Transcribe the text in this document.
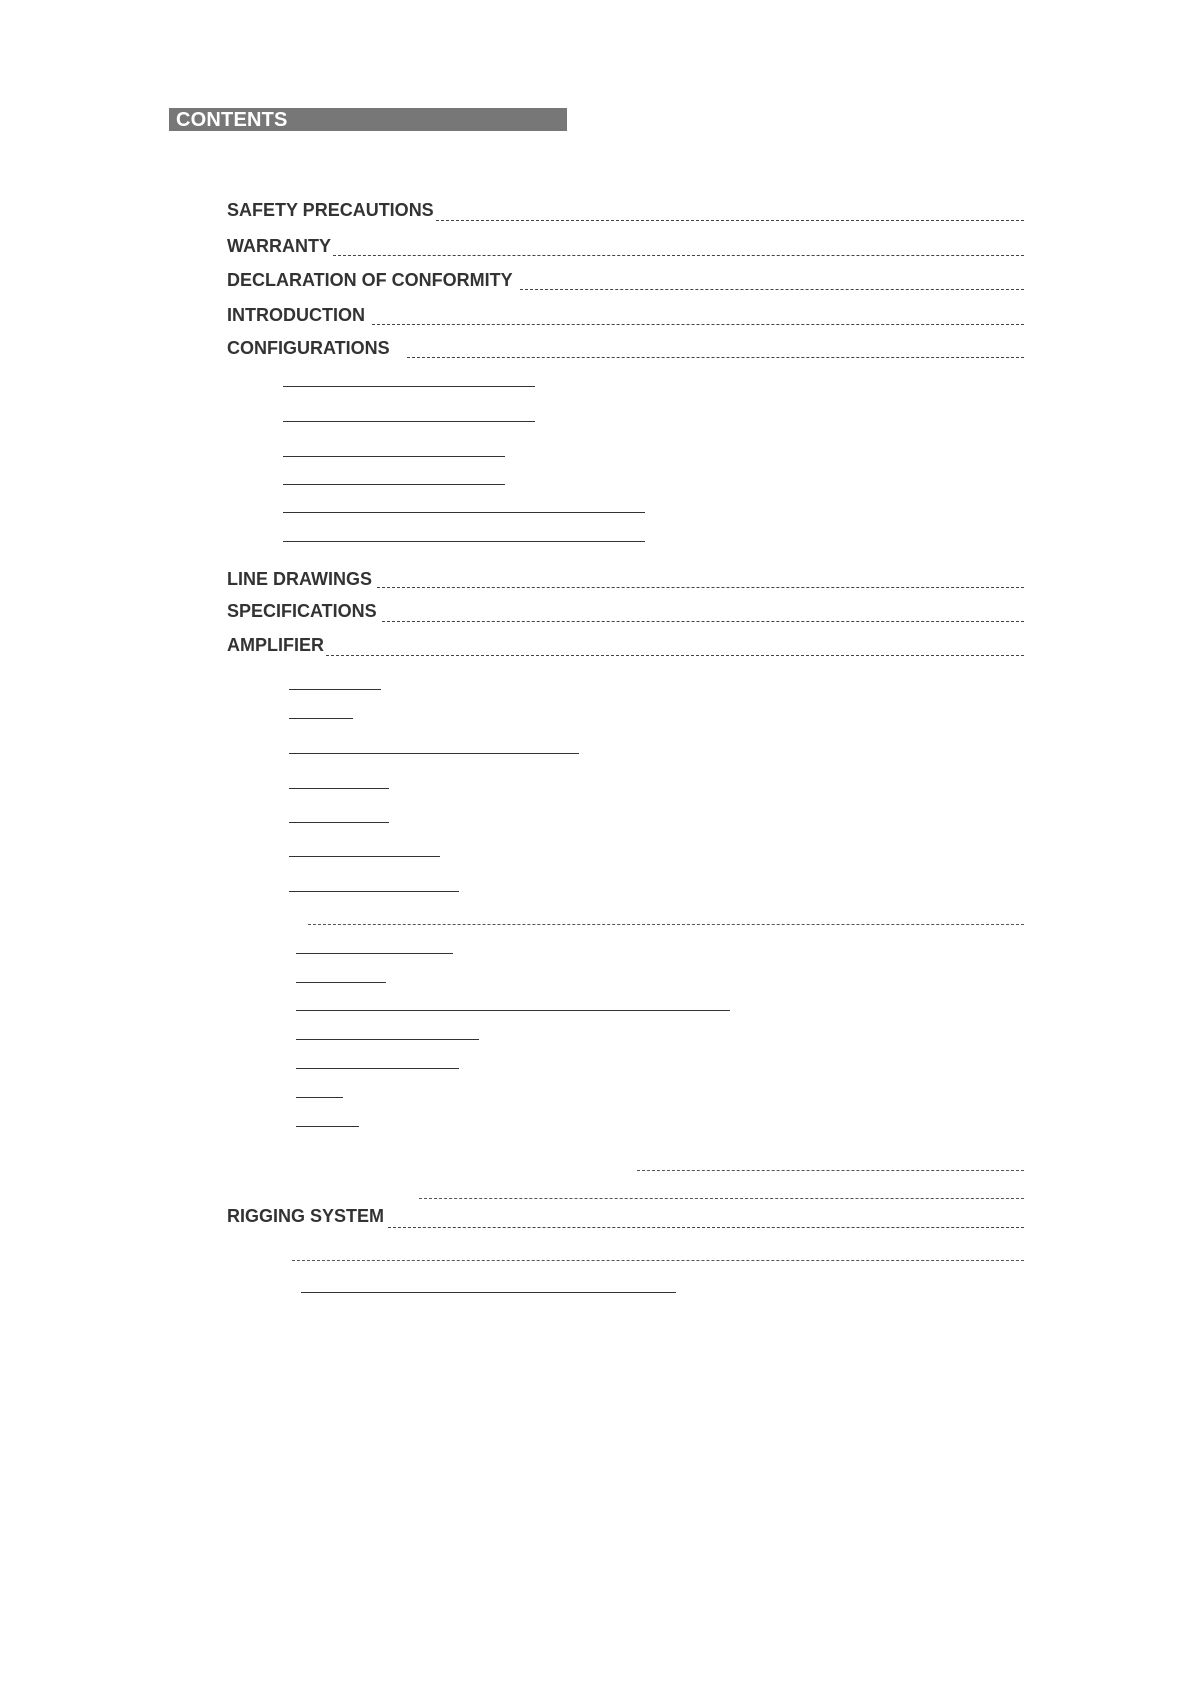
CONTENTS
SAFETY PRECAUTIONS
WARRANTY
DECLARATION OF CONFORMITY
INTRODUCTION
CONFIGURATIONS
LINE DRAWINGS
SPECIFICATIONS
AMPLIFIER
RIGGING SYSTEM
